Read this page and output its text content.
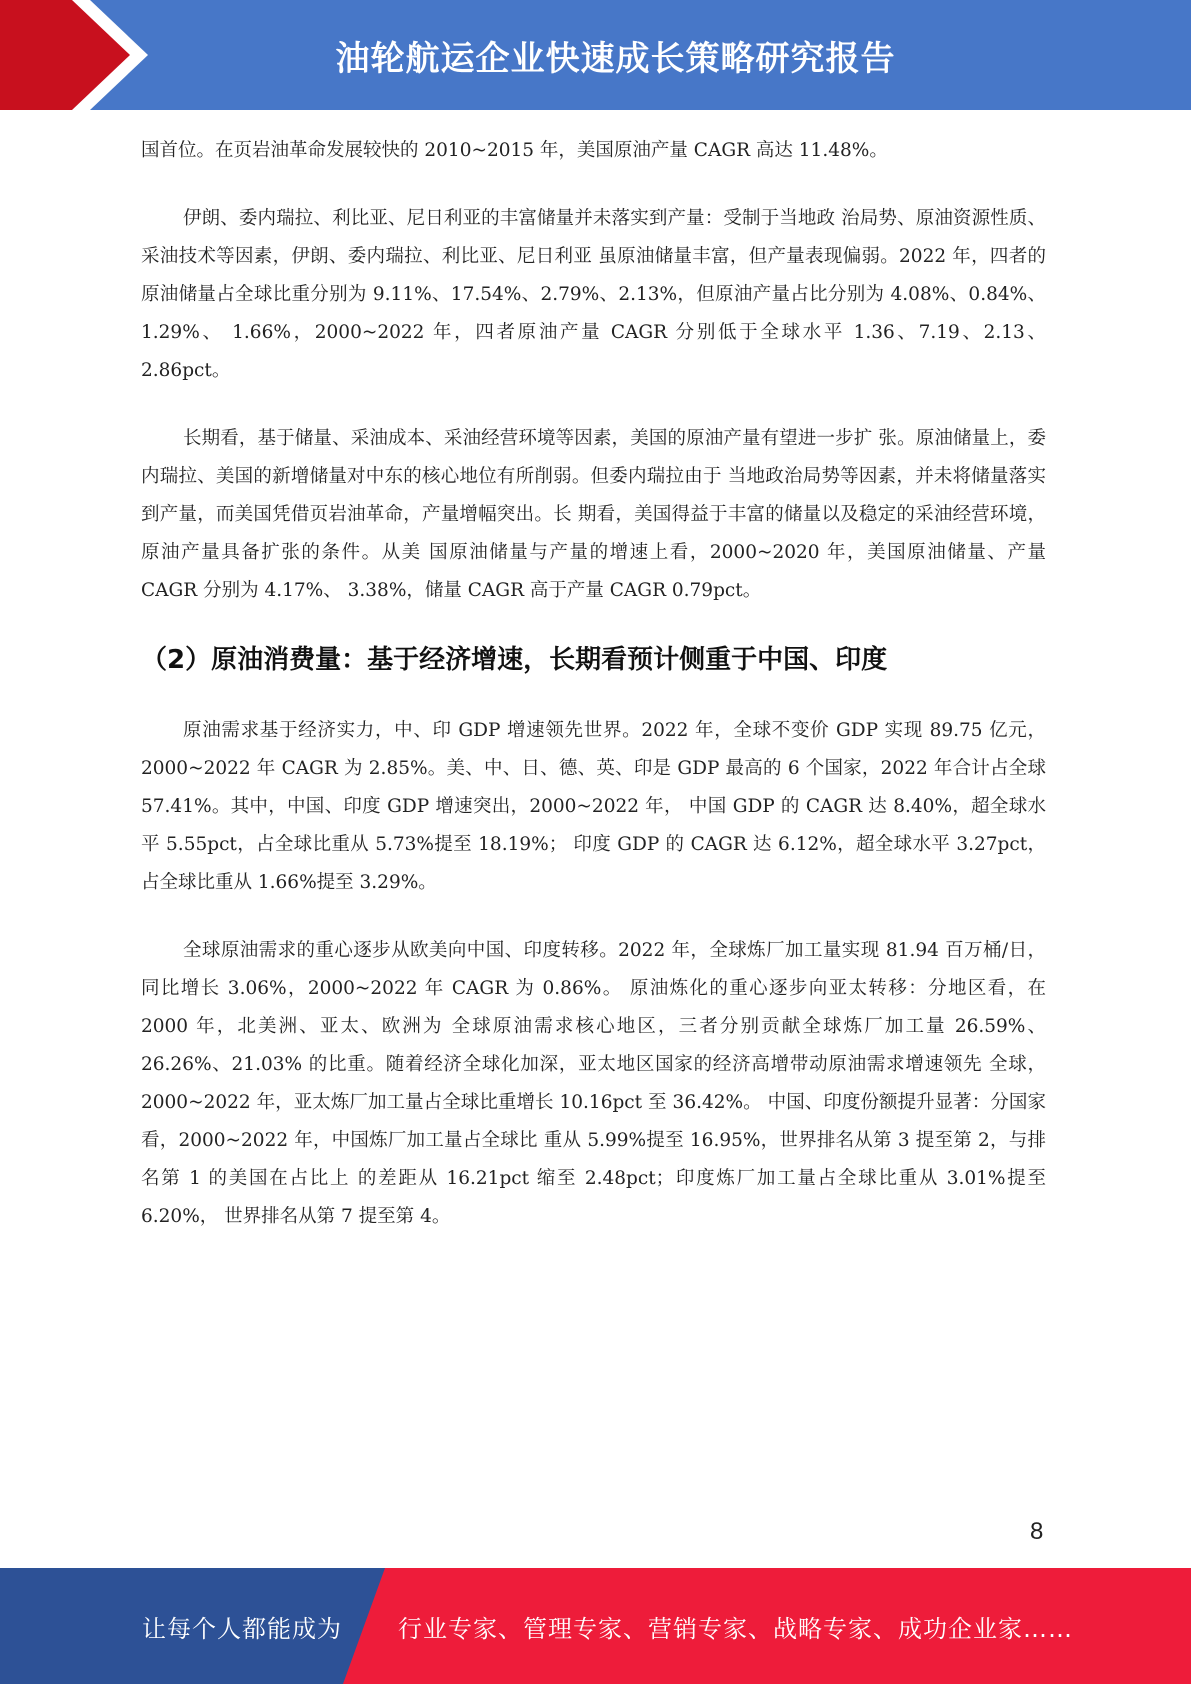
油轮航运企业快速成长策略研究报告

国首位。在页岩油革命发展较快的 2010~2015 年，美国原油产量 CAGR 高达 11.48%。

伊朗、委内瑞拉、利比亚、尼日利亚的丰富储量并未落实到产量：受制于当地政 治局势、原油资源性质、采油技术等因素，伊朗、委内瑞拉、利比亚、尼日利亚 虽原油储量丰富，但产量表现偏弱。2022 年，四者的原油储量占全球比重分别为 9.11%、17.54%、2.79%、2.13%，但原油产量占比分别为 4.08%、0.84%、1.29%、 1.66%，2000~2022 年，四者原油产量 CAGR 分别低于全球水平 1.36、7.19、2.13、 2.86pct。

长期看，基于储量、采油成本、采油经营环境等因素，美国的原油产量有望进一步扩 张。原油储量上，委内瑞拉、美国的新增储量对中东的核心地位有所削弱。但委内瑞拉由于 当地政治局势等因素，并未将储量落实到产量，而美国凭借页岩油革命，产量增幅突出。长 期看，美国得益于丰富的储量以及稳定的采油经营环境，原油产量具备扩张的条件。从美 国原油储量与产量的增速上看，2000~2020 年，美国原油储量、产量 CAGR 分别为 4.17%、 3.38%，储量 CAGR 高于产量 CAGR 0.79pct。

（2）原油消费量：基于经济增速，长期看预计侧重于中国、印度

原油需求基于经济实力，中、印 GDP 增速领先世界。2022 年，全球不变价 GDP 实现 89.75 亿元，2000~2022 年 CAGR 为 2.85%。美、中、日、德、英、印是 GDP 最高的 6 个国家，2022 年合计占全球 57.41%。其中，中国、印度 GDP 增速突出，2000~2022 年， 中国 GDP 的 CAGR 达 8.40%，超全球水平 5.55pct，占全球比重从 5.73%提至 18.19%； 印度 GDP 的 CAGR 达 6.12%，超全球水平 3.27pct，占全球比重从 1.66%提至 3.29%。

全球原油需求的重心逐步从欧美向中国、印度转移。2022 年，全球炼厂加工量实现 81.94 百万桶/日，同比增长 3.06%，2000~2022 年 CAGR 为 0.86%。 原油炼化的重心逐步向亚太转移：分地区看，在 2000 年，北美洲、亚太、欧洲为 全球原油需求核心地区，三者分别贡献全球炼厂加工量 26.59%、26.26%、21.03% 的比重。随着经济全球化加深，亚太地区国家的经济高增带动原油需求增速领先 全球，2000~2022 年，亚太炼厂加工量占全球比重增长 10.16pct 至 36.42%。 中国、印度份额提升显著：分国家看，2000~2022 年，中国炼厂加工量占全球比 重从 5.99%提至 16.95%，世界排名从第 3 提至第 2，与排名第 1 的美国在占比上 的差距从 16.21pct 缩至 2.48pct；印度炼厂加工量占全球比重从 3.01%提至 6.20%， 世界排名从第 7 提至第 4。

8
让每个人都能成为 行业专家、管理专家、营销专家、战略专家、成功企业家……
